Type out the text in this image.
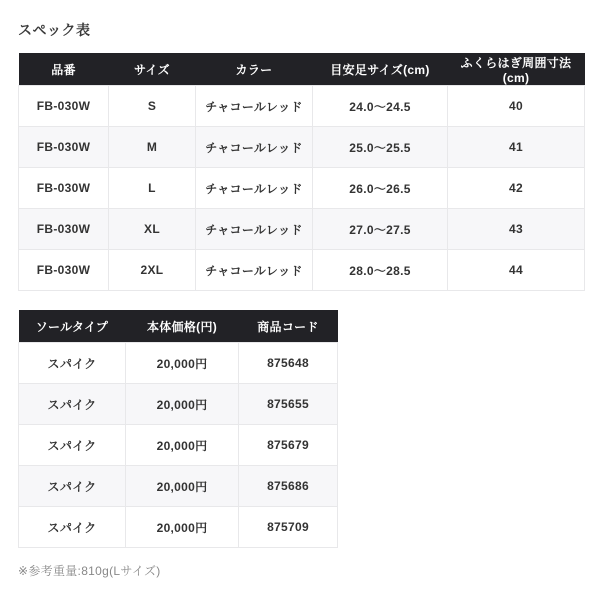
スペック表
品番	サイズ	カラー	目安足サイズ(cm)	ふくらはぎ周囲寸法(cm)
FB-030W	S	チャコールレッド	24.0〜24.5	40
FB-030W	M	チャコールレッド	25.0〜25.5	41
FB-030W	L	チャコールレッド	26.0〜26.5	42
FB-030W	XL	チャコールレッド	27.0〜27.5	43
FB-030W	2XL	チャコールレッド	28.0〜28.5	44
ソールタイプ	本体価格(円)	商品コード
スパイク	20,000円	875648
スパイク	20,000円	875655
スパイク	20,000円	875679
スパイク	20,000円	875686
スパイク	20,000円	875709
※参考重量:810g(Lサイズ)
